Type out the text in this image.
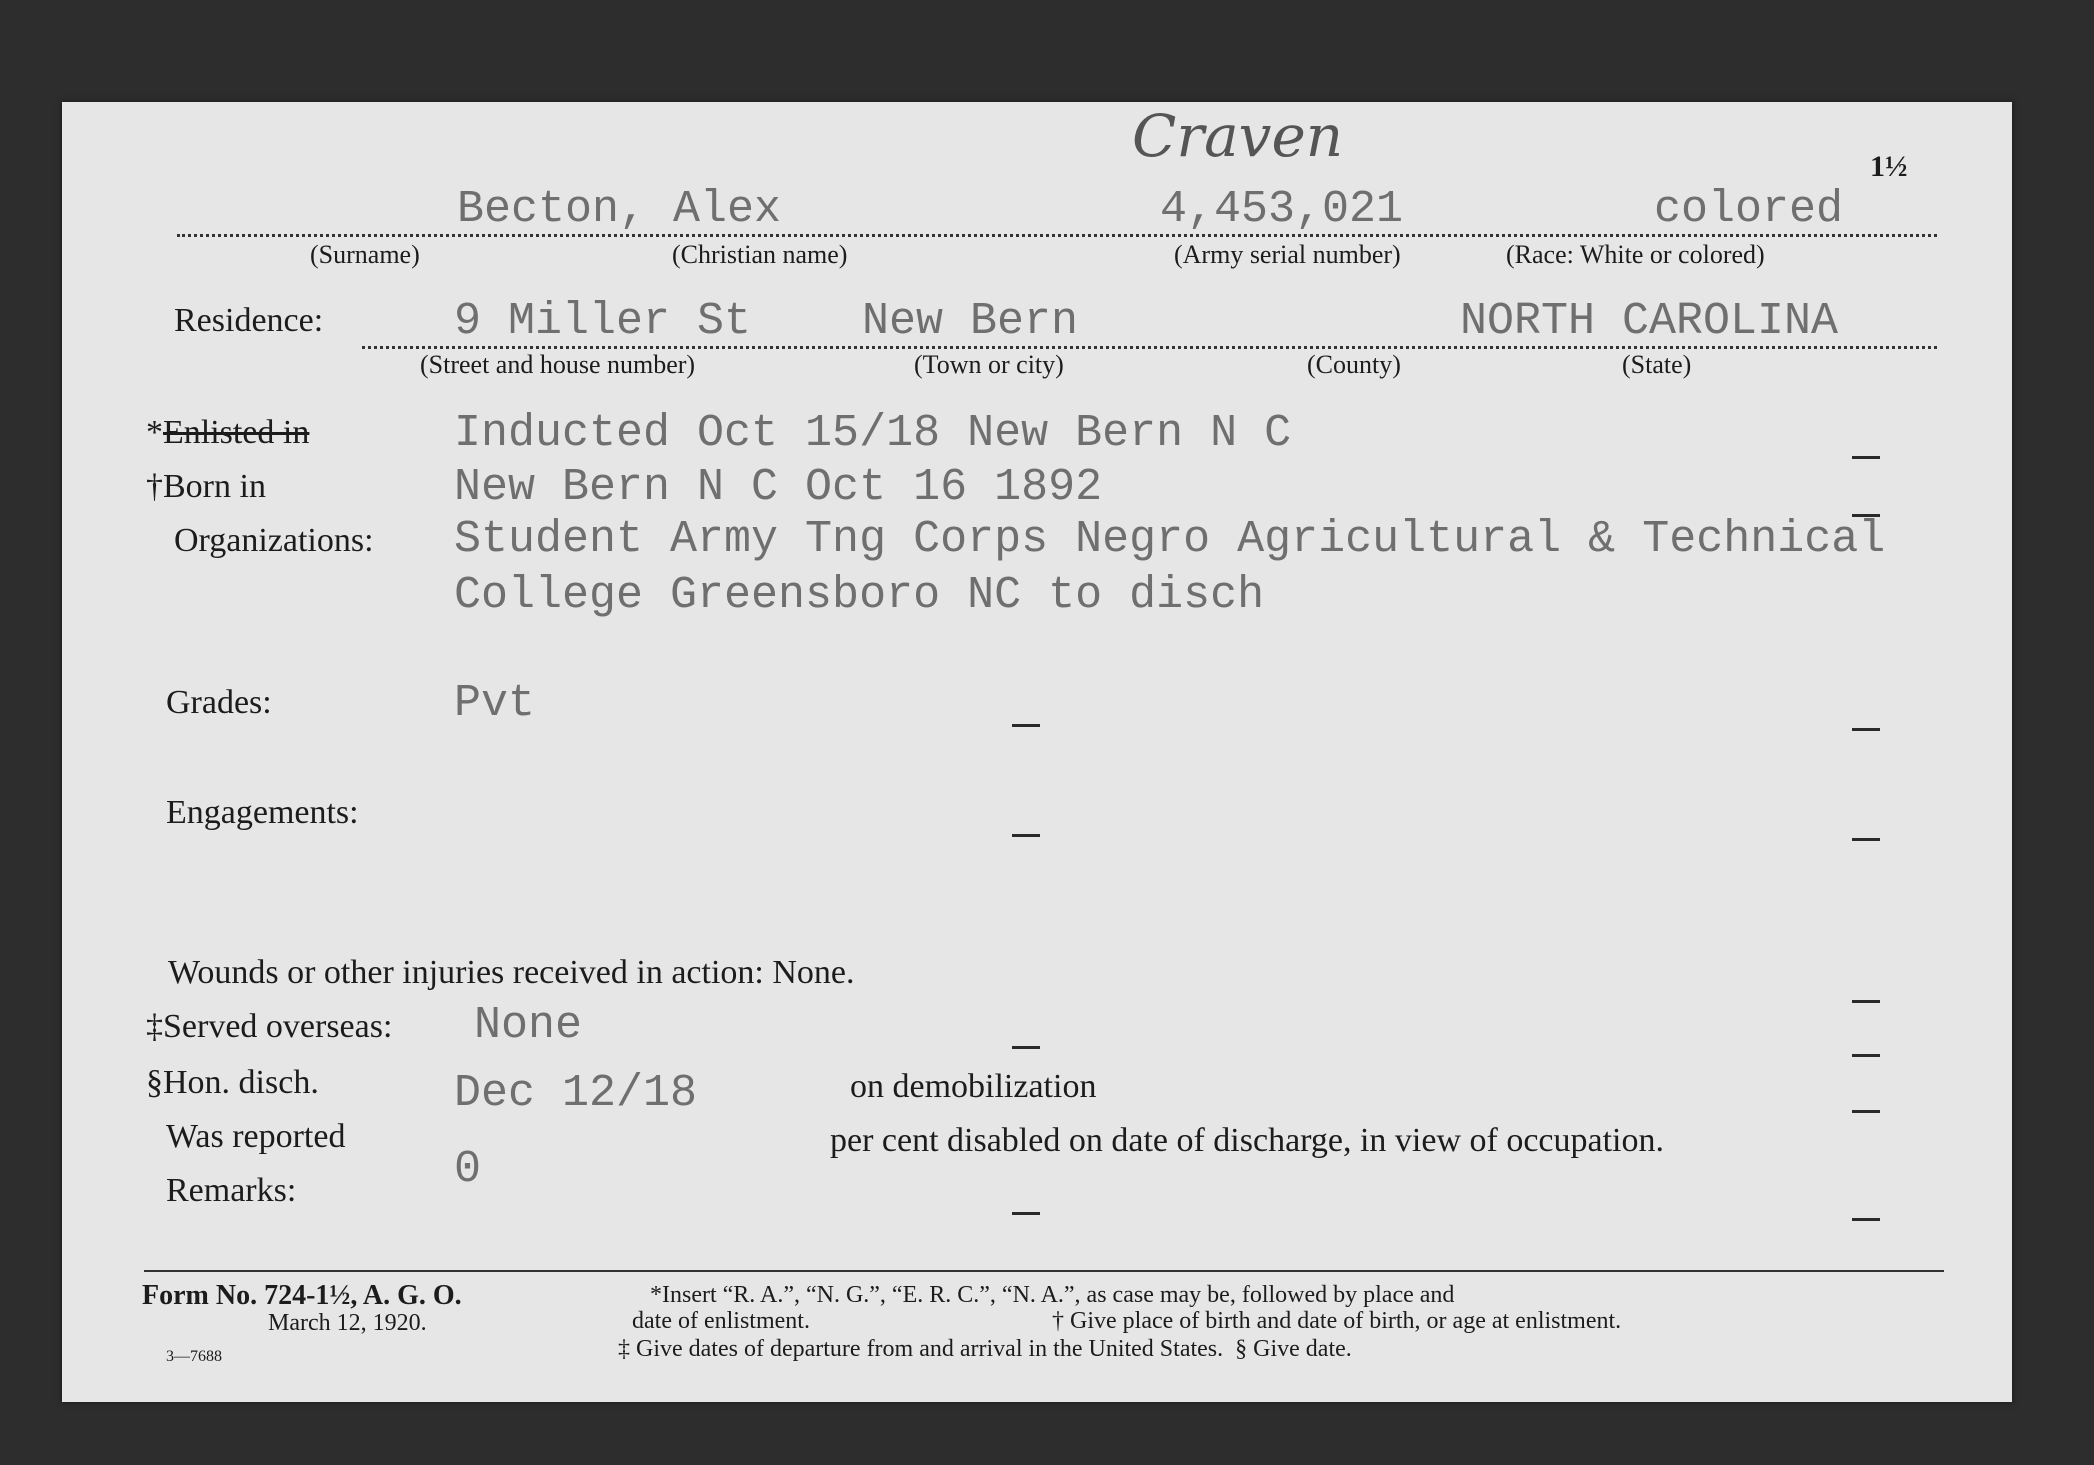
Craven	1½
Becton, Alex	4,453,021	colored
(Surname)	(Christian name)	(Army serial number)	(Race: White or colored)
Residence:	9 Miller St New Bern	NORTH CAROLINA
(Street and house number)	(Town or city)	(County)	(State)
*Enlisted in	Inducted Oct 15/18 New Bern N C
†Born in	New Bern N C Oct 16 1892
Organizations: Student Army Tng Corps Negro Agricultural & Technical
College Greensboro NC to disch
Grades:	Pvt
Engagements:
Wounds or other injuries received in action: None.
‡Served overseas: None
§Hon. disch.	Dec 12/18	on demobilization
Was reported
0
per cent disabled on date of discharge, in view of occupation.
Remarks:
Form No. 724-1½, A. G. O.
March 12, 1920.
3—7688
*Insert “R. A.”, “N. G.”, “E. R. C.”, “N. A.”, as case may be, followed by place and
date of enlistment.	† Give place of birth and date of birth, or age at enlistment.
‡ Give dates of departure from and arrival in the United States. § Give date.
